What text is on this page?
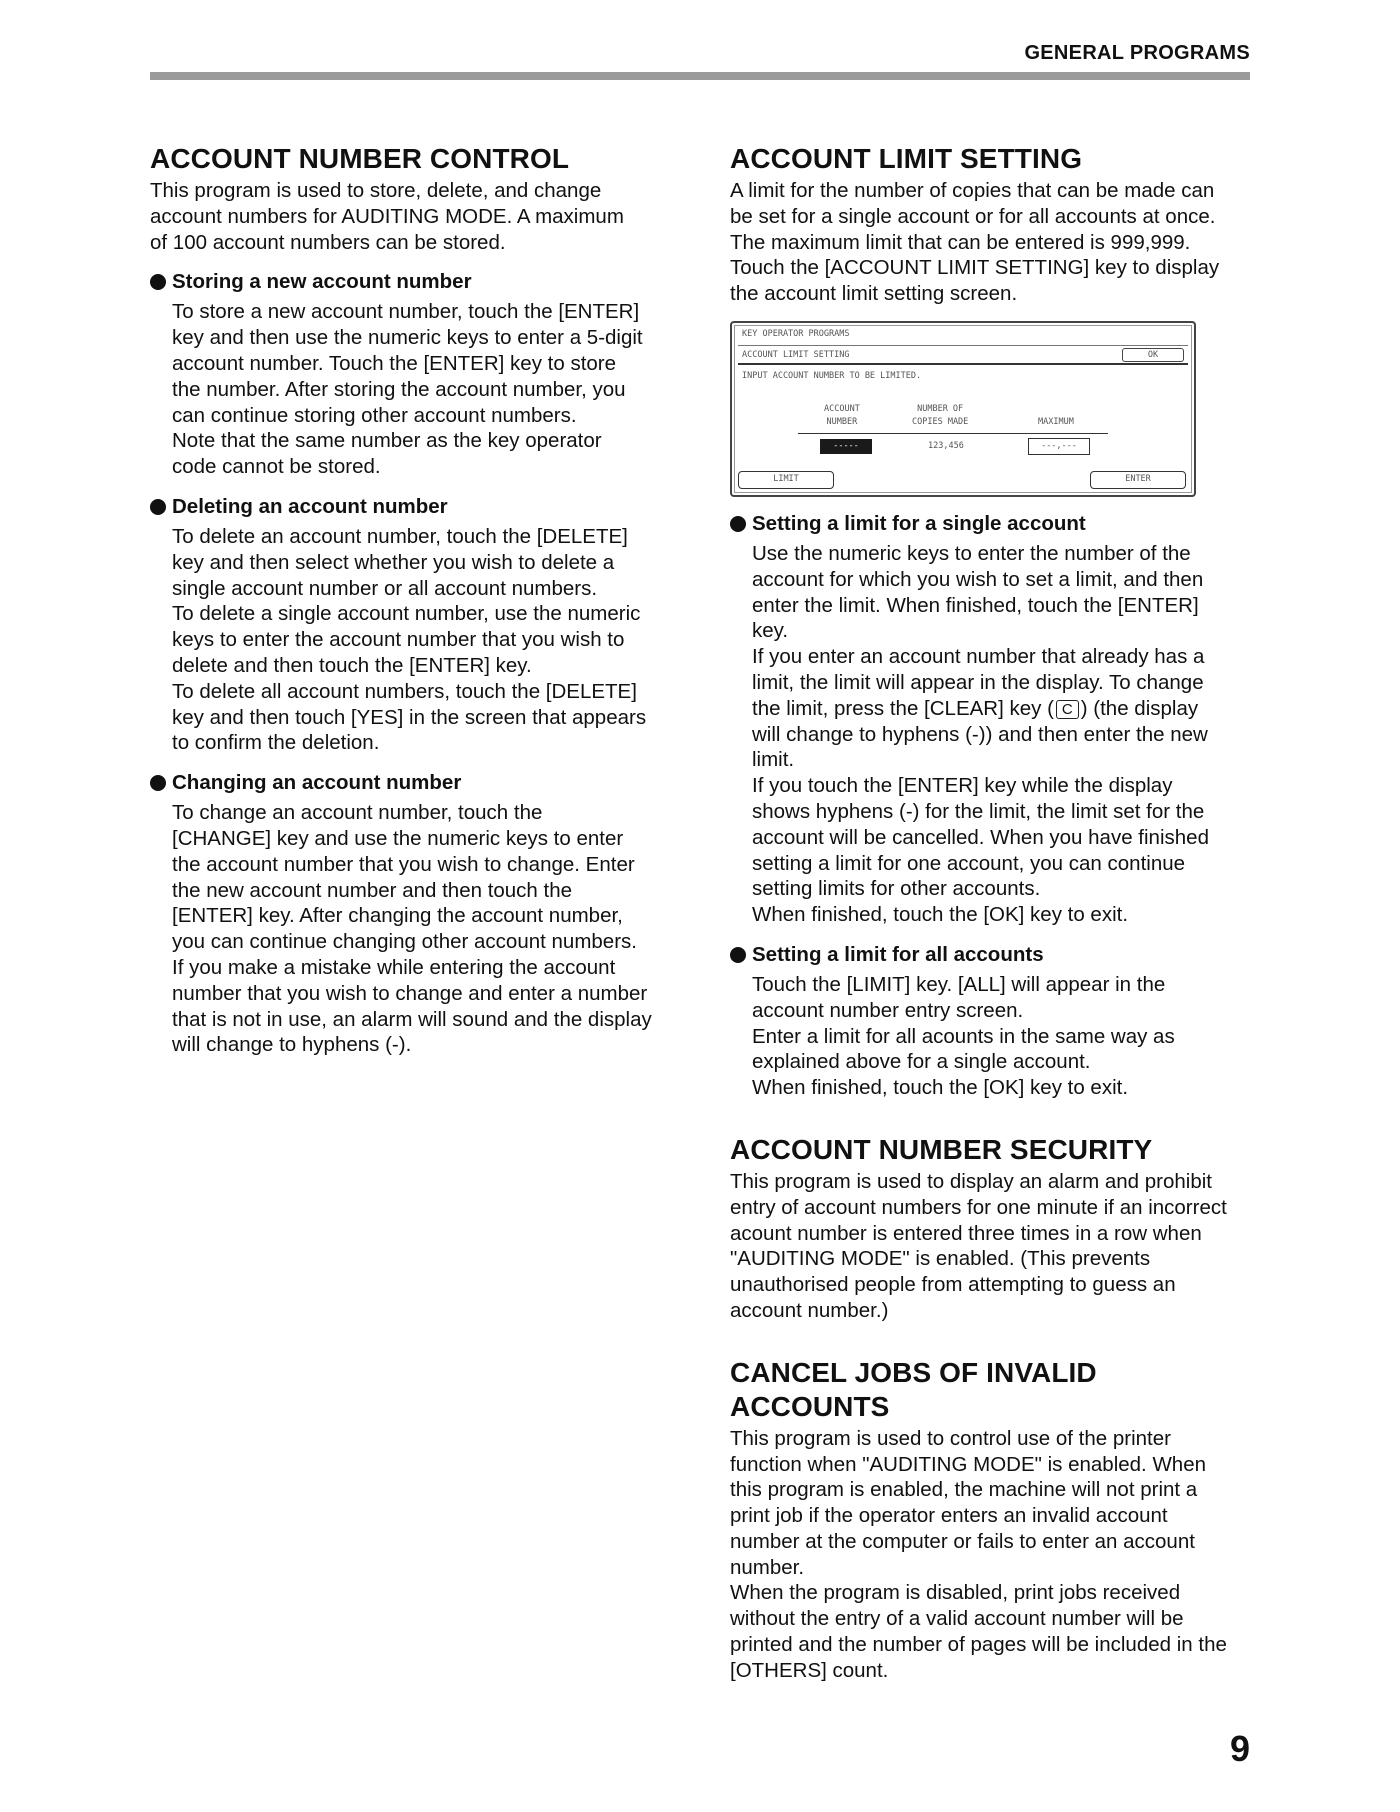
GENERAL PROGRAMS
ACCOUNT NUMBER CONTROL
This program is used to store, delete, and change
account numbers for AUDITING MODE. A maximum
of 100 account numbers can be stored.
Storing a new account number
To store a new account number, touch the [ENTER]
key and then use the numeric keys to enter a 5-digit
account number. Touch the [ENTER] key to store
the number. After storing the account number, you
can continue storing other account numbers.
Note that the same number as the key operator
code cannot be stored.
Deleting an account number
To delete an account number, touch the [DELETE]
key and then select whether you wish to delete a
single account number or all account numbers.
To delete a single account number, use the numeric
keys to enter the account number that you wish to
delete and then touch the [ENTER] key.
To delete all account numbers, touch the [DELETE]
key and then touch [YES] in the screen that appears
to confirm the deletion.
Changing an account number
To change an account number, touch the
[CHANGE] key and use the numeric keys to enter
the account number that you wish to change. Enter
the new account number and then touch the
[ENTER] key. After changing the account number,
you can continue changing other account numbers.
If you make a mistake while entering the account
number that you wish to change and enter a number
that is not in use, an alarm will sound and the display
will change to hyphens (-).
ACCOUNT LIMIT SETTING
A limit for the number of copies that can be made can
be set for a single account or for all accounts at once.
The maximum limit that can be entered is 999,999.
Touch the [ACCOUNT LIMIT SETTING] key to display
the account limit setting screen.
KEY OPERATOR PROGRAMS
ACCOUNT LIMIT SETTING	OK
INPUT ACCOUNT NUMBER TO BE LIMITED.
ACCOUNT
NUMBER
NUMBER OF
COPIES MADE	MAXIMUM
-----	123,456	---,---
LIMIT	ENTER
Setting a limit for a single account
Use the numeric keys to enter the number of the
account for which you wish to set a limit, and then
enter the limit. When finished, touch the [ENTER]
key.
If you enter an account number that already has a
limit, the limit will appear in the display. To change
the limit, press the [CLEAR] key ( C ) (the display
will change to hyphens (-)) and then enter the new
limit.
If you touch the [ENTER] key while the display
shows hyphens (-) for the limit, the limit set for the
account will be cancelled. When you have finished
setting a limit for one account, you can continue
setting limits for other accounts.
When finished, touch the [OK] key to exit.
Setting a limit for all accounts
Touch the [LIMIT] key. [ALL] will appear in the
account number entry screen.
Enter a limit for all acounts in the same way as
explained above for a single account.
When finished, touch the [OK] key to exit.
ACCOUNT NUMBER SECURITY
This program is used to display an alarm and prohibit
entry of account numbers for one minute if an incorrect
acount number is entered three times in a row when
"AUDITING MODE" is enabled. (This prevents
unauthorised people from attempting to guess an
account number.)
CANCEL JOBS OF INVALID ACCOUNTS
This program is used to control use of the printer
function when "AUDITING MODE" is enabled. When
this program is enabled, the machine will not print a
print job if the operator enters an invalid account
number at the computer or fails to enter an account
number.
When the program is disabled, print jobs received
without the entry of a valid account number will be
printed and the number of pages will be included in the
[OTHERS] count.
9
